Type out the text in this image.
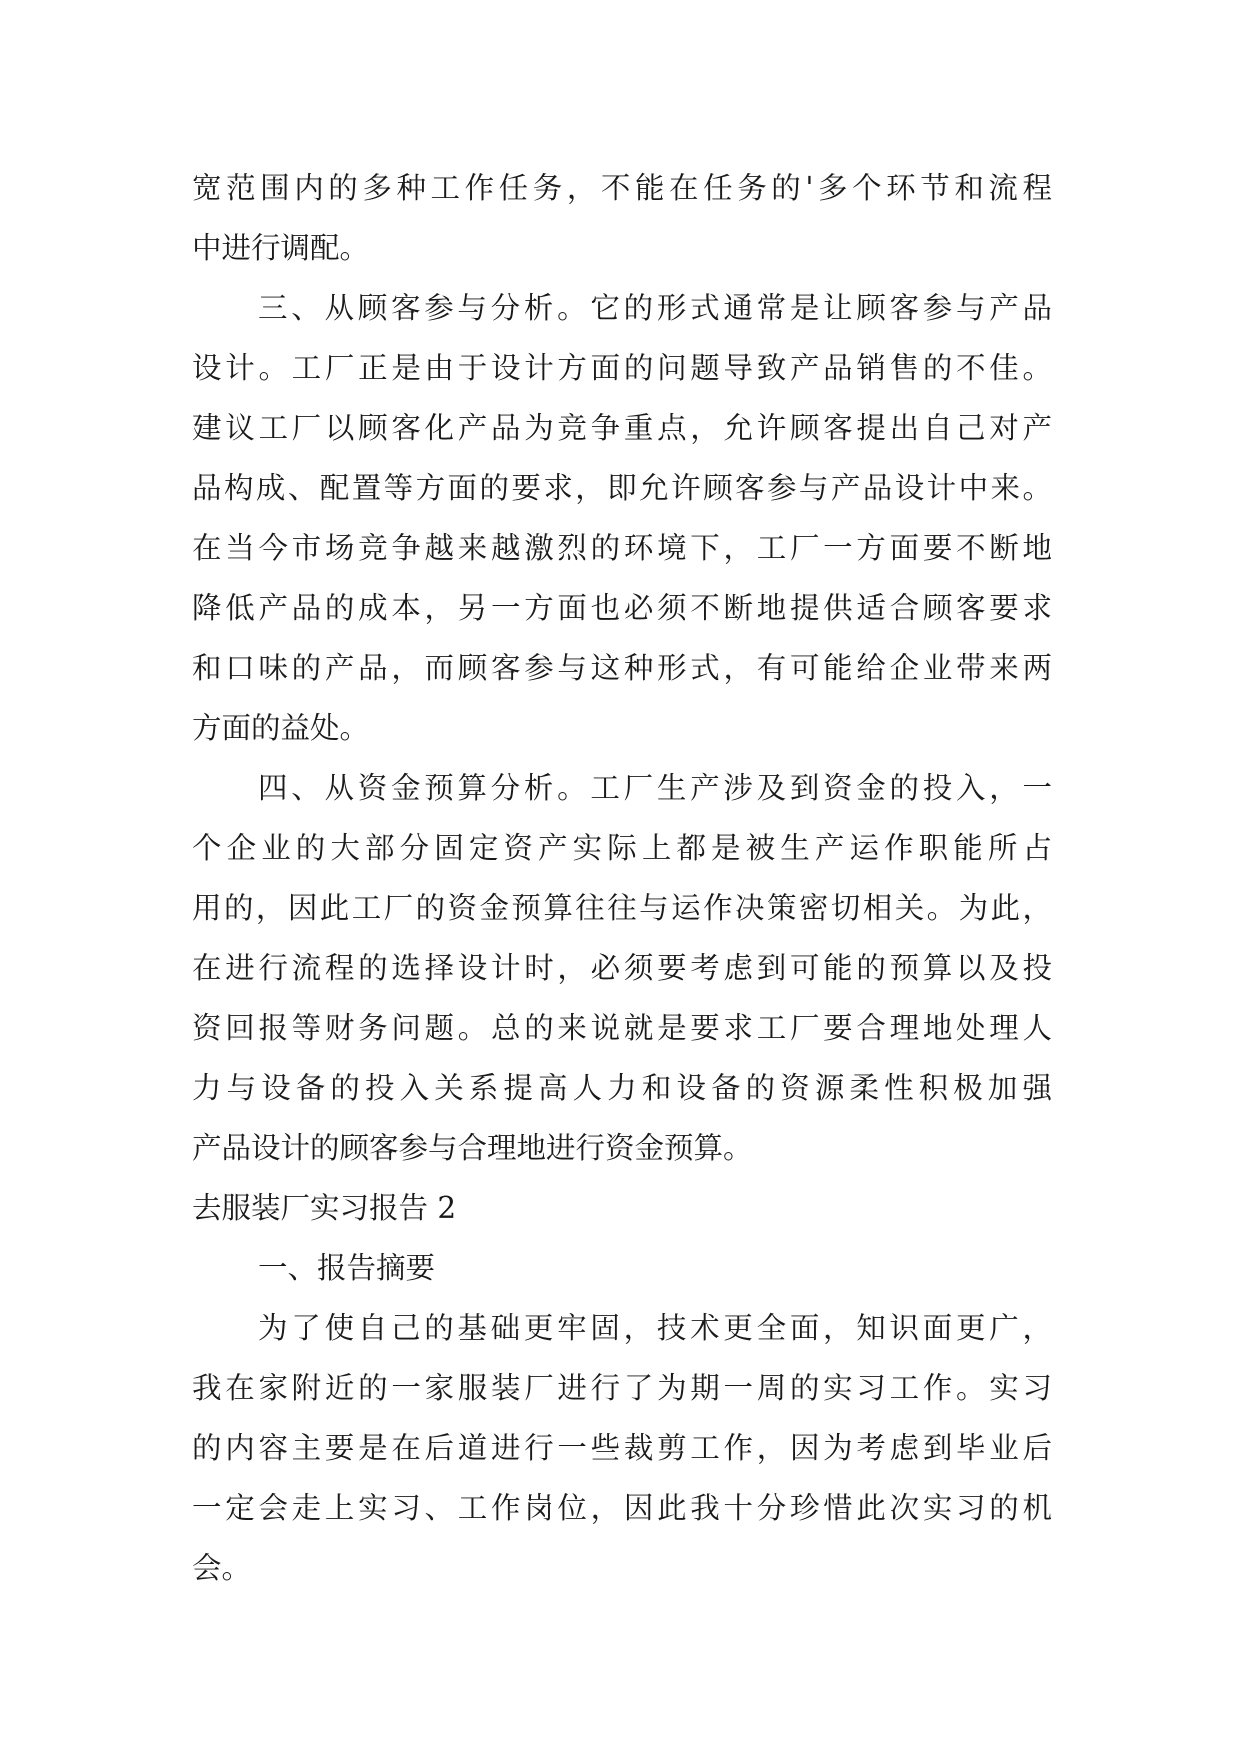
宽范围内的多种工作任务，不能在任务的'多个环节和流程
中进行调配。
三、从顾客参与分析。它的形式通常是让顾客参与产品
设计。工厂正是由于设计方面的问题导致产品销售的不佳。
建议工厂以顾客化产品为竞争重点，允许顾客提出自己对产
品构成、配置等方面的要求，即允许顾客参与产品设计中来。
在当今市场竞争越来越激烈的环境下，工厂一方面要不断地
降低产品的成本，另一方面也必须不断地提供适合顾客要求
和口味的产品，而顾客参与这种形式，有可能给企业带来两
方面的益处。
四、从资金预算分析。工厂生产涉及到资金的投入，一
个企业的大部分固定资产实际上都是被生产运作职能所占
用的，因此工厂的资金预算往往与运作决策密切相关。为此，
在进行流程的选择设计时，必须要考虑到可能的预算以及投
资回报等财务问题。总的来说就是要求工厂要合理地处理人
力与设备的投入关系提高人力和设备的资源柔性积极加强
产品设计的顾客参与合理地进行资金预算。
去服装厂实习报告 2
一、报告摘要
为了使自己的基础更牢固，技术更全面，知识面更广，
我在家附近的一家服装厂进行了为期一周的实习工作。实习
的内容主要是在后道进行一些裁剪工作，因为考虑到毕业后
一定会走上实习、工作岗位，因此我十分珍惜此次实习的机
会。
